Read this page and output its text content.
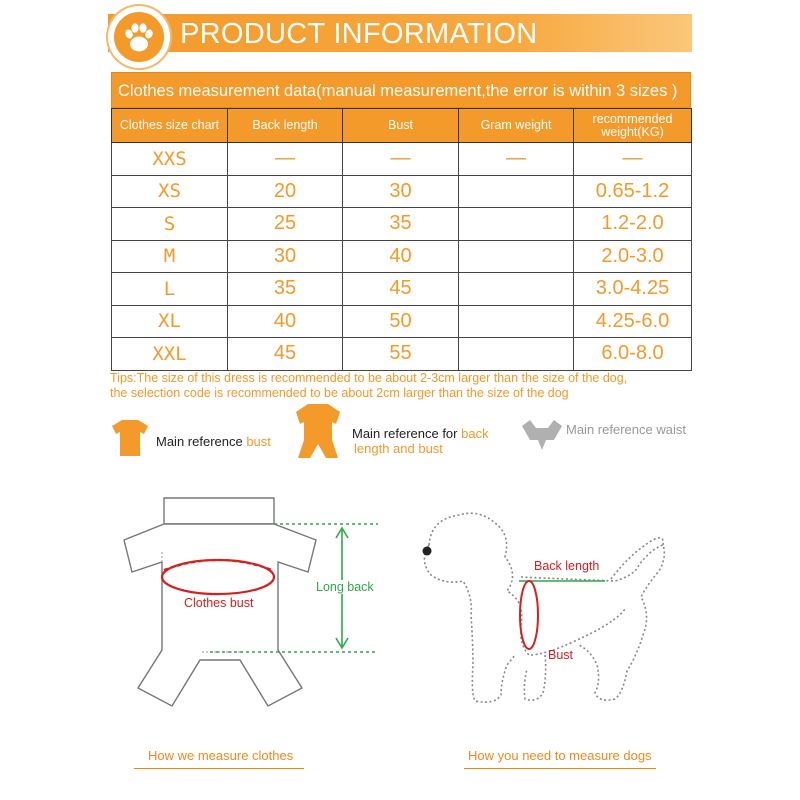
PRODUCT INFORMATION
Clothes measurement data(manual measurement,the error is within 3 sizes )
Clothes size chart	Back length	Bust	Gram weight	recommended weight(KG)
XXS	—	—	—	—
XS	20	30		0.65-1.2
S	25	35		1.2-2.0
M	30	40		2.0-3.0
L	35	45		3.0-4.25
XL	40	50		4.25-6.0
XXL	45	55		6.0-8.0
Tips:The size of this dress is recommended to be about 2-3cm larger than the size of the dog,
the selection code is recommended to be about 2cm larger than the size of the dog
Main reference bust
Main reference for back
length and bust
Main reference waist
Clothes bust
Long back
Back length
Bust
How we measure clothes	How you need to measure dogs
